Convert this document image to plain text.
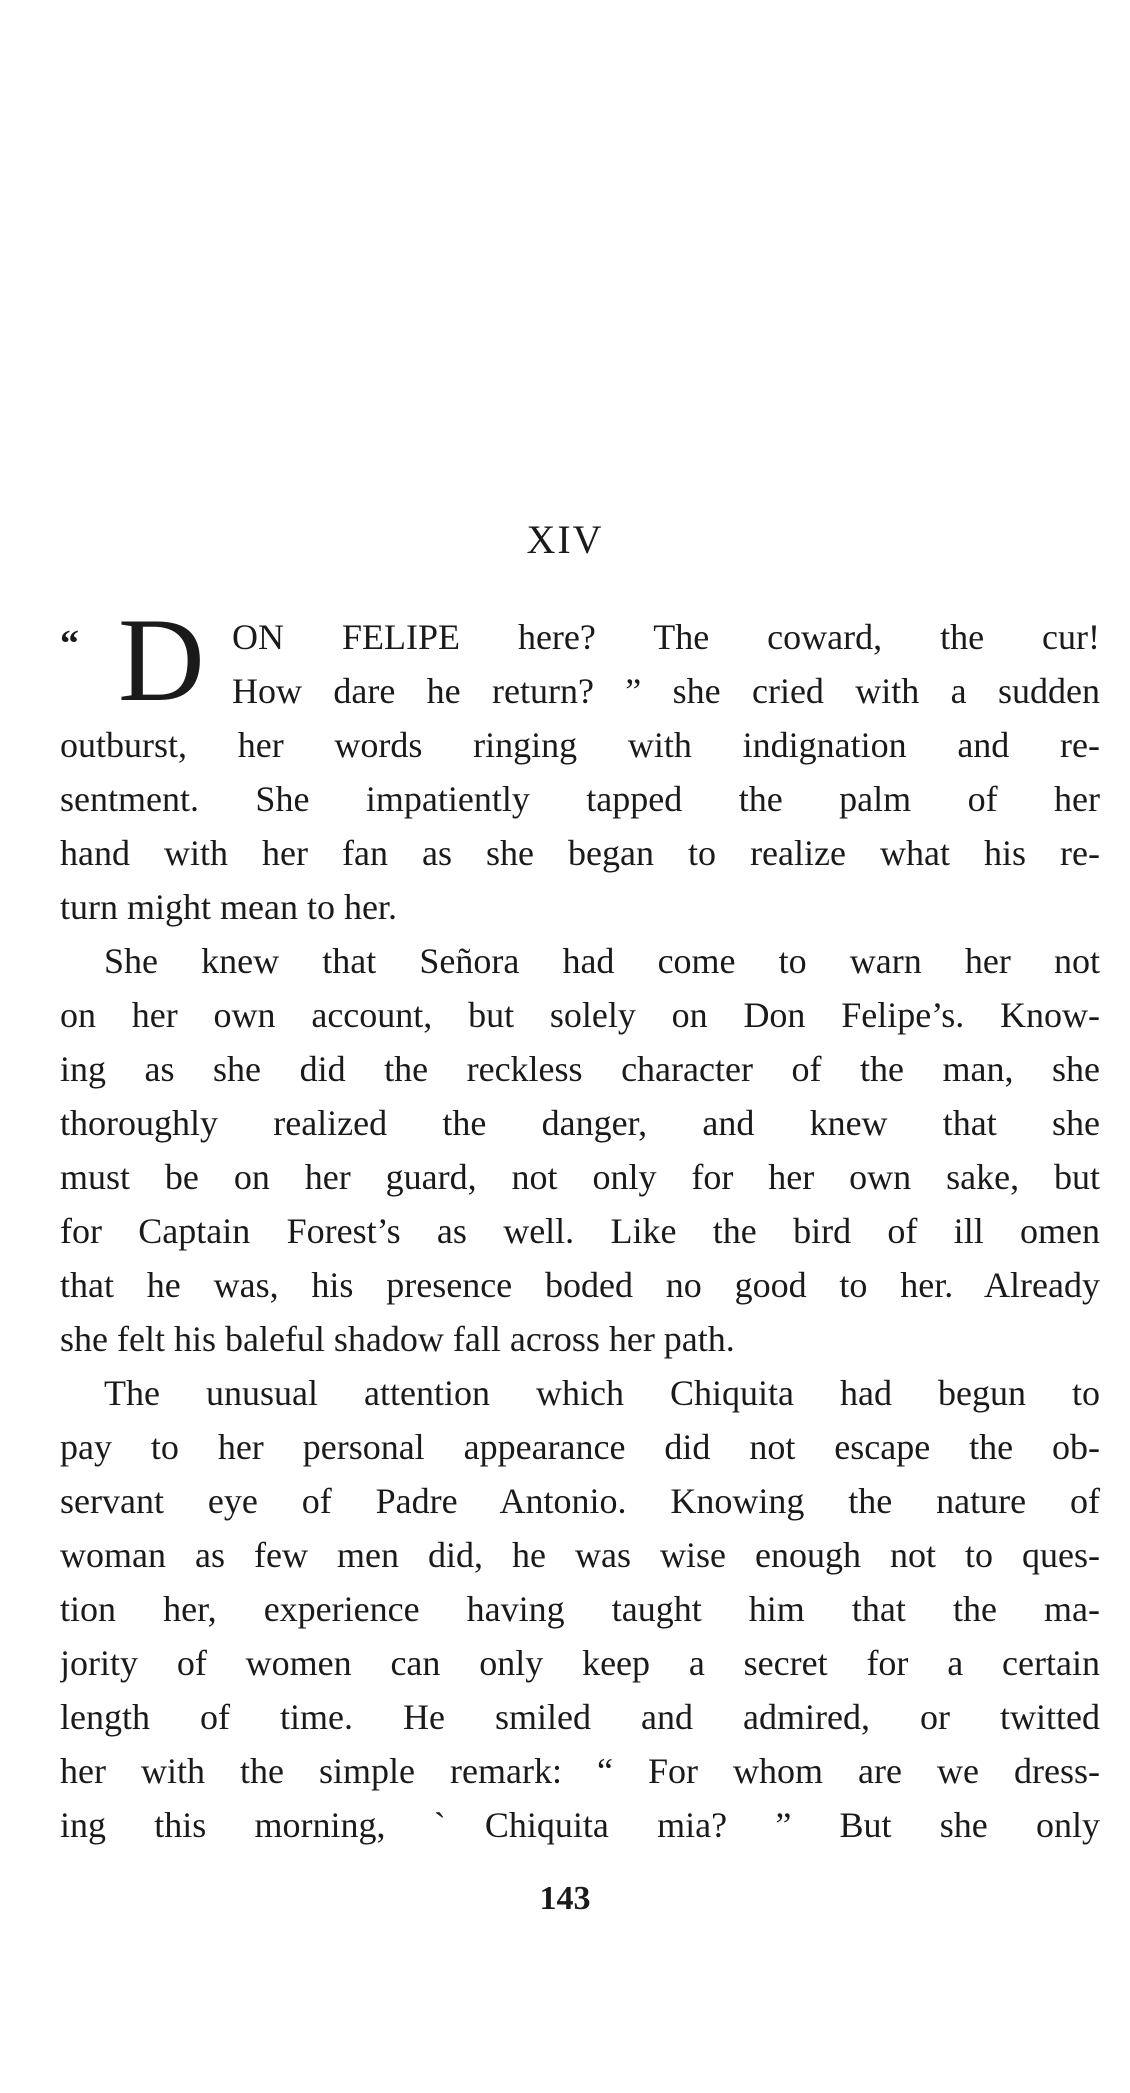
XIV
“ D ON FELIPE here? The coward, the cur!
How dare he return? ” she cried with a sudden
outburst, her words ringing with indignation and re-
sentment. She impatiently tapped the palm of her
hand with her fan as she began to realize what his re-
turn might mean to her.
She knew that Señora had come to warn her not
on her own account, but solely on Don Felipe’s. Know-
ing as she did the reckless character of the man, she
thoroughly realized the danger, and knew that she
must be on her guard, not only for her own sake, but
for Captain Forest’s as well. Like the bird of ill omen
that he was, his presence boded no good to her. Already
she felt his baleful shadow fall across her path.
The unusual attention which Chiquita had begun to
pay to her personal appearance did not escape the ob-
servant eye of Padre Antonio. Knowing the nature of
woman as few men did, he was wise enough not to ques-
tion her, experience having taught him that the ma-
jority of women can only keep a secret for a certain
length of time. He smiled and admired, or twitted
her with the simple remark: “ For whom are we dress-
ing this morning, ˋChiquita mia? ” But she only
143
